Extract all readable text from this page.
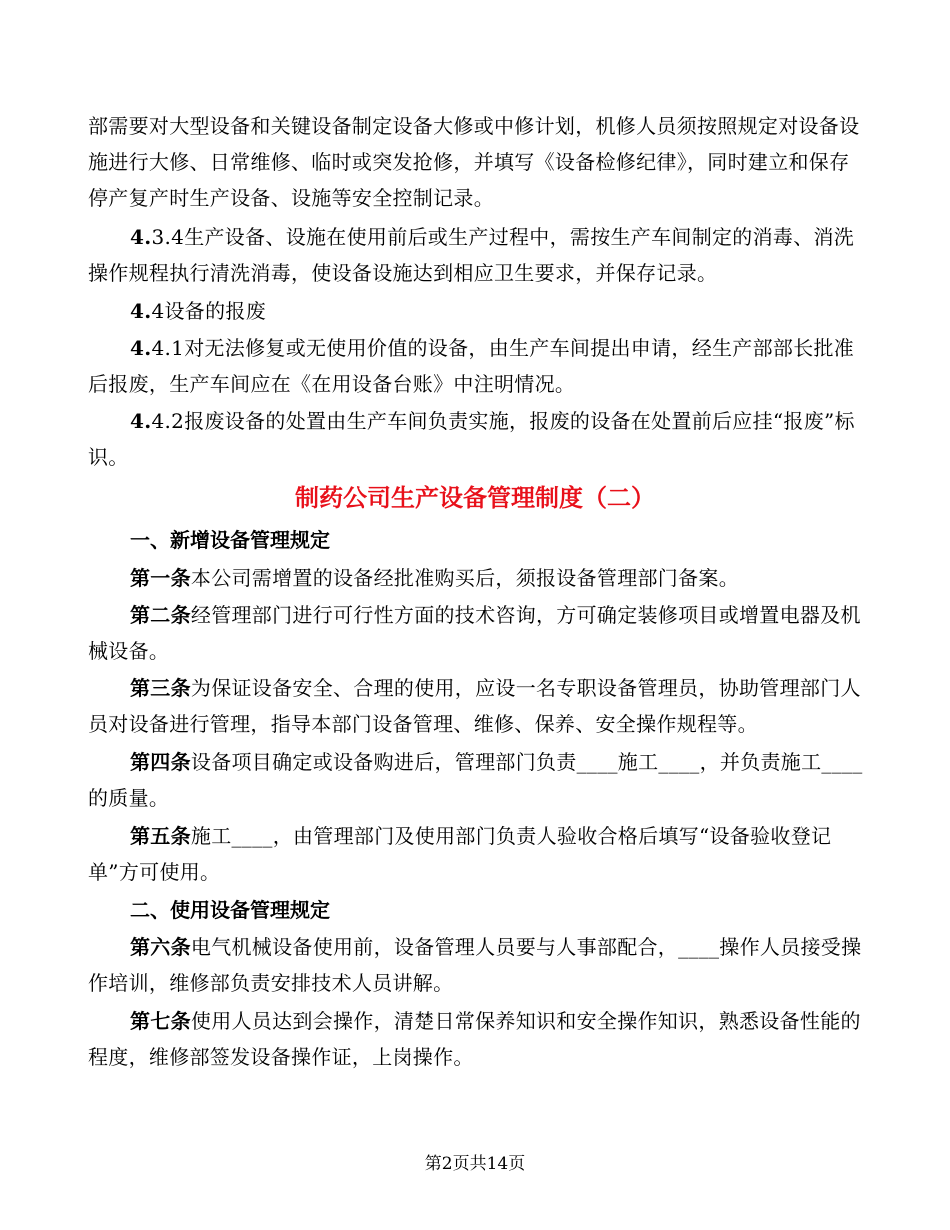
部需要对大型设备和关键设备制定设备大修或中修计划，机修人员须按照规定对设备设施进行大修、日常维修、临时或突发抢修，并填写《设备检修纪律》，同时建立和保存停产复产时生产设备、设施等安全控制记录。

4.3.4生产设备、设施在使用前后或生产过程中，需按生产车间制定的消毒、消洗操作规程执行清洗消毒，使设备设施达到相应卫生要求，并保存记录。

4.4设备的报废

4.4.1对无法修复或无使用价值的设备，由生产车间提出申请，经生产部部长批准后报废，生产车间应在《在用设备台账》中注明情况。

4.4.2报废设备的处置由生产车间负责实施，报废的设备在处置前后应挂“报废”标识。

制药公司生产设备管理制度（二）
一、新增设备管理规定

第一条本公司需增置的设备经批准购买后，须报设备管理部门备案。

第二条经管理部门进行可行性方面的技术咨询，方可确定装修项目或增置电器及机械设备。

第三条为保证设备安全、合理的使用，应设一名专职设备管理员，协助管理部门人员对设备进行管理，指导本部门设备管理、维修、保养、安全操作规程等。

第四条设备项目确定或设备购进后，管理部门负责____施工____，并负责施工____的质量。

第五条施工____，由管理部门及使用部门负责人验收合格后填写“设备验收登记单”方可使用。

二、使用设备管理规定

第六条电气机械设备使用前，设备管理人员要与人事部配合，____操作人员接受操作培训，维修部负责安排技术人员讲解。

第七条使用人员达到会操作，清楚日常保养知识和安全操作知识，熟悉设备性能的程度，维修部签发设备操作证，上岗操作。

第2页共14页
